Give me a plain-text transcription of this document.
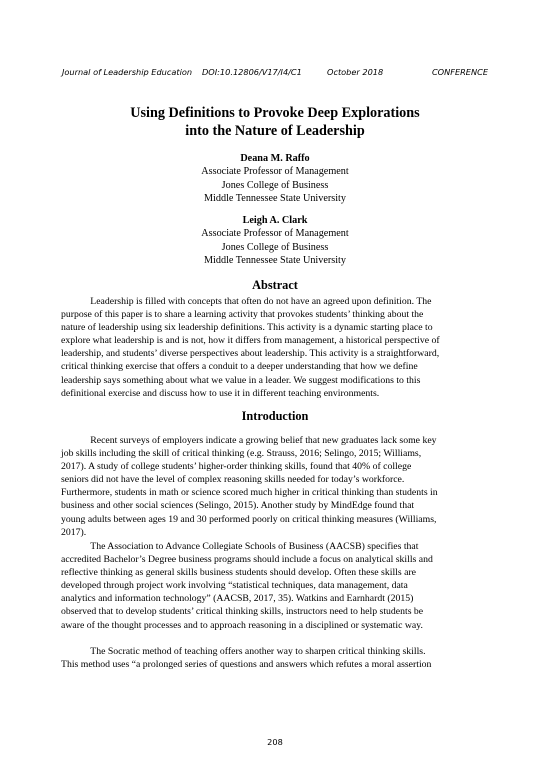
Journal of Leadership Education DOI:10.12806/V17/I4/C1	October 2018	CONFERENCE
Using Definitions to Provoke Deep Explorations
into the Nature of Leadership
Deana M. Raffo
Associate Professor of Management
Jones College of Business
Middle Tennessee State University
Leigh A. Clark
Associate Professor of Management
Jones College of Business
Middle Tennessee State University
Abstract

Leadership is filled with concepts that often do not have an agreed upon definition. The
purpose of this paper is to share a learning activity that provokes students’ thinking about the
nature of leadership using six leadership definitions. This activity is a dynamic starting place to
explore what leadership is and is not, how it differs from management, a historical perspective of
leadership, and students’ diverse perspectives about leadership. This activity is a straightforward,
critical thinking exercise that offers a conduit to a deeper understanding that how we define
leadership says something about what we value in a leader. We suggest modifications to this
definitional exercise and discuss how to use it in different teaching environments.

Introduction

Recent surveys of employers indicate a growing belief that new graduates lack some key
job skills including the skill of critical thinking (e.g. Strauss, 2016; Selingo, 2015; Williams,
2017). A study of college students’ higher-order thinking skills, found that 40% of college
seniors did not have the level of complex reasoning skills needed for today’s workforce.
Furthermore, students in math or science scored much higher in critical thinking than students in
business and other social sciences (Selingo, 2015). Another study by MindEdge found that
young adults between ages 19 and 30 performed poorly on critical thinking measures (Williams,
2017).

The Association to Advance Collegiate Schools of Business (AACSB) specifies that
accredited Bachelor’s Degree business programs should include a focus on analytical skills and
reflective thinking as general skills business students should develop. Often these skills are
developed through project work involving “statistical techniques, data management, data
analytics and information technology” (AACSB, 2017, 35). Watkins and Earnhardt (2015)
observed that to develop students’ critical thinking skills, instructors need to help students be
aware of the thought processes and to approach reasoning in a disciplined or systematic way.

The Socratic method of teaching offers another way to sharpen critical thinking skills.
This method uses “a prolonged series of questions and answers which refutes a moral assertion

208
